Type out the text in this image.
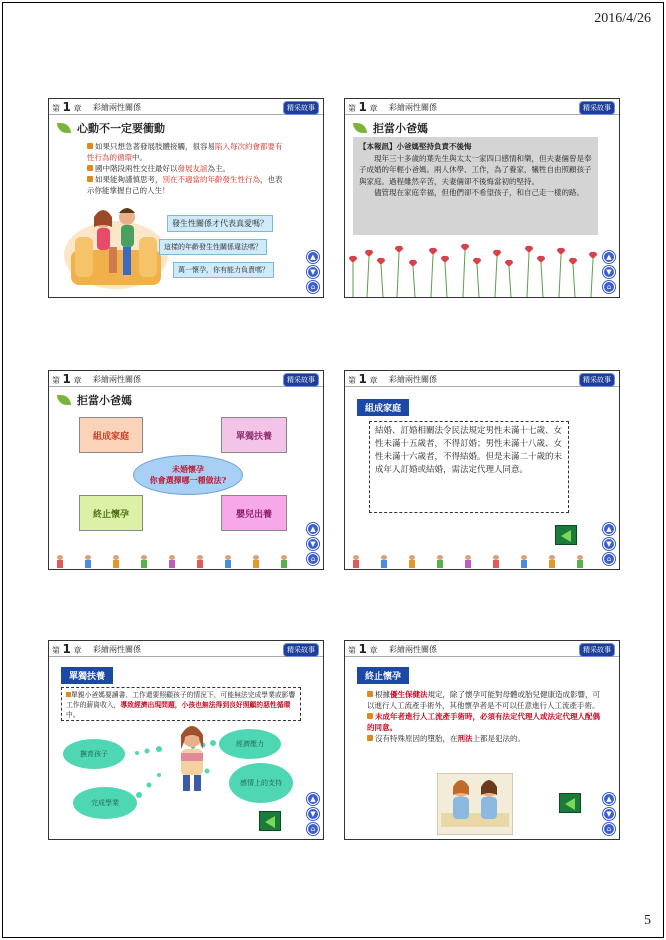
2016/4/26
5
第 1 章 彩繪兩性關係	精采故事
心動不一定要衝動
如果只想急著發展肢體接觸，很容易陷入每次約會都要有性行為的循環中。
國中階段兩性交往最好以發展友誼為主。
如果能夠謹慎思考，別在不適當的年齡發生性行為，也表示你能掌握自己的人生！
發生性關係才代表真愛嗎？
這樣的年齡發生性關係違法嗎？
萬一懷孕，你有能力負責嗎？
▲
▼
⌂
第 1 章 彩繪兩性關係	精采故事
拒當小爸媽
【本報訊】小爸媽堅持負責不後悔
　　現年三十多歲的葉先生與太太一家四口感情和樂，但夫妻倆曾是奉子成婚的年輕小爸媽。兩人休學、工作，為了養家，犧牲自由照顧孩子與家庭。過程雖然辛苦，夫妻倆卻不後悔當初的堅持。
　　儘管現在家庭幸福，但他們卻不希望孩子，和自己走一樣的路。
▲
▼
⌂
第 1 章 彩繪兩性關係	精采故事
拒當小爸媽
組成家庭	單獨扶養
終止懷孕	嬰兒出養
未婚懷孕
你會選擇哪一種做法?
▲
▼
⌂
第 1 章 彩繪兩性關係	精采故事
組成家庭
結婚、訂婚相關法令民法規定男性未滿十七歲、女性未滿十五歲者，不得訂婚；男性未滿十八歲、女性未滿十六歲者，不得結婚。但是未滿二十歲的未成年人訂婚或結婚，需法定代理人同意。
▲
▼
⌂
第 1 章 彩繪兩性關係	精采故事
單獨扶養
單親小爸媽要讀書、工作還要照顧孩子的情況下，可能無法完成學業或影響工作的薪資收入，導致經濟出現問題，小孩也無法得到良好照顧的惡性循環中。
撫育孩子
經濟壓力
感情上的支持
完成學業	▲
▼
⌂
第 1 章 彩繪兩性關係	精采故事
終止懷孕
根據優生保健法規定，除了懷孕可能對母體或胎兒健康造成影響，可以進行人工流產手術外，其他懷孕者是不可以任意進行人工流產手術。
未成年者進行人工流產手術時，必須有法定代理人或法定代理人配偶的同意。
沒有特殊原因的墮胎，在刑法上都是犯法的。
▲
▼
⌂
